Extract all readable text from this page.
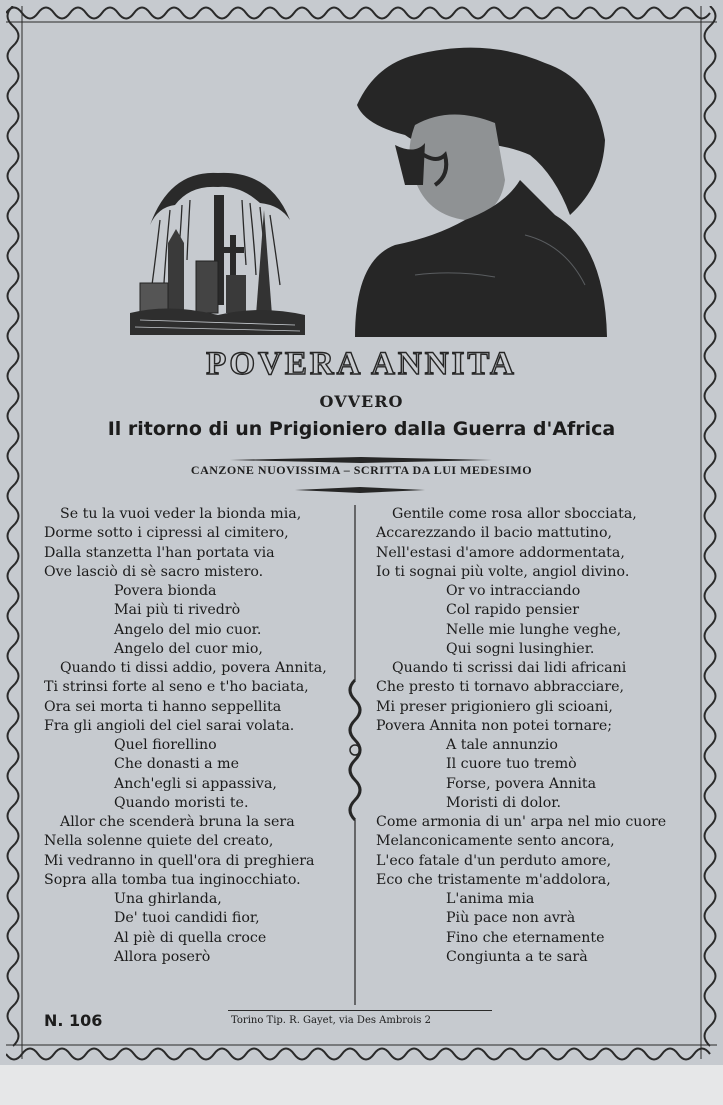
POVERA ANNITA
OVVERO
Il ritorno di un Prigioniero dalla Guerra d'Africa
CANZONE NUOVISSIMA – SCRITTA DA LUI MEDESIMO
Se tu la vuoi veder la bionda mia,
Dorme sotto i cipressi al cimitero,
Dalla stanzetta l'han portata via
Ove lasciò di sè sacro mistero.
Povera bionda
Mai più ti rivedrò
Angelo del mio cuor.
Angelo del cuor mio,
Quando ti dissi addio, povera Annita,
Ti strinsi forte al seno e t'ho baciata,
Ora sei morta ti hanno seppellita
Fra gli angioli del ciel sarai volata.
Quel fiorellino
Che donasti a me
Anch'egli si appassiva,
Quando moristi te.
Allor che scenderà bruna la sera
Nella solenne quiete del creato,
Mi vedranno in quell'ora di preghiera
Sopra alla tomba tua inginocchiato.
Una ghirlanda,
De' tuoi candidi fior,
Al piè di quella croce
Allora poserò
Gentile come rosa allor sbocciata,
Accarezzando il bacio mattutino,
Nell'estasi d'amore addormentata,
Io ti sognai più volte, angiol divino.
Or vo intracciando
Col rapido pensier
Nelle mie lunghe veghe,
Qui sogni lusinghier.
Quando ti scrissi dai lidi africani
Che presto ti tornavo abbracciare,
Mi preser prigioniero gli scioani,
Povera Annita non potei tornare;
A tale annunzio
Il cuore tuo tremò
Forse, povera Annita
Moristi di dolor.
Come armonia di un' arpa nel mio cuore
Melanconicamente sento ancora,
L'eco fatale d'un perduto amore,
Eco che tristamente m'addolora,
L'anima mia
Più pace non avrà
Fino che eternamente
Congiunta a te sarà
N. 106	Torino Tip. R. Gayet, via Des Ambrois 2
